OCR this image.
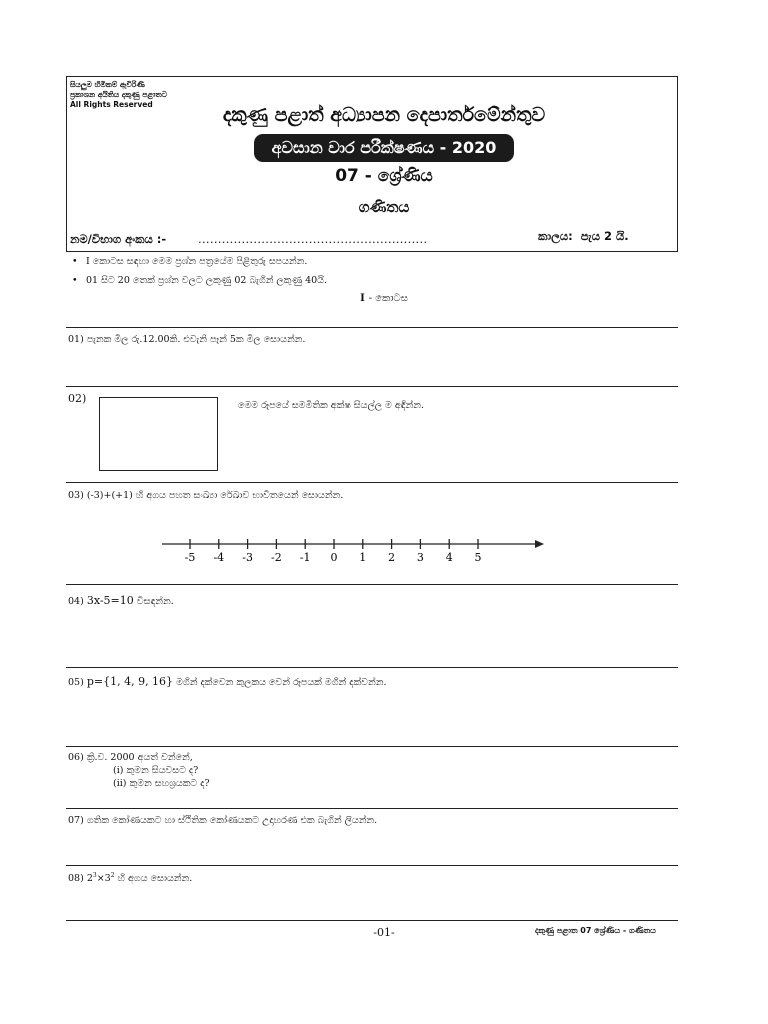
සියලුම හිමිකම් ඇවිරිණි
ප්‍රකාශන අයිතිය දකුණු පළාතට
All Rights Reserved	දකුණු පළාත් අධ්‍යාපන දෙපාර්තමේන්තුව
අවසාන වාර පරීක්ෂණය - 2020
07 - ශ්‍රේණිය
ගණිතය
නම/විභාග අංකය :-	..........................................................	කාලය: පැය 2 යි.
• I කොටස සඳහා මෙම ප්‍රශ්න පත්‍රයේම පිළිතුරු සපයන්න.
• 01 සිට 20 තෙක් ප්‍රශ්න වලට ලකුණු 02 බැගින් ලකුණු 40යි.
I - කොටස
01) පැනක මිල රු.12.00කි. එවැනි පෑන් 5ක මිල සොයන්න.
02)
මෙම රූපයේ සමමිතික අක්ෂ සියල්ල ම අඳින්න.
03) (-3)+(+1) හි අගය පහත සංඛ්‍යා රේඛාව භාවිතයෙන් සොයන්න.
-5 -4 -3 -2 -1 0 1 2 3 4 5
04) 3x-5=10 විසඳන්න.
05) p={1, 4, 9, 16} මගින් දක්වෙන කුලකය වෙන් රූපයක් මගින් දක්වන්න.
06) ක්‍රි.ව. 2000 අයත් වන්නේ,
(i) කුමන සියවසට ද?
(ii) කුමන සහශ්‍රයකට ද?
07) ගතික කෝණයකට හා ස්ථිතික කෝණයකට උදාහරණ එක බැගින් ලියන්න.
08) $2^3\times 3^2$ හි අගය සොයන්න.
-01-	දකුණු පළාත 07 ශ්‍රේණිය - ගණිතය
